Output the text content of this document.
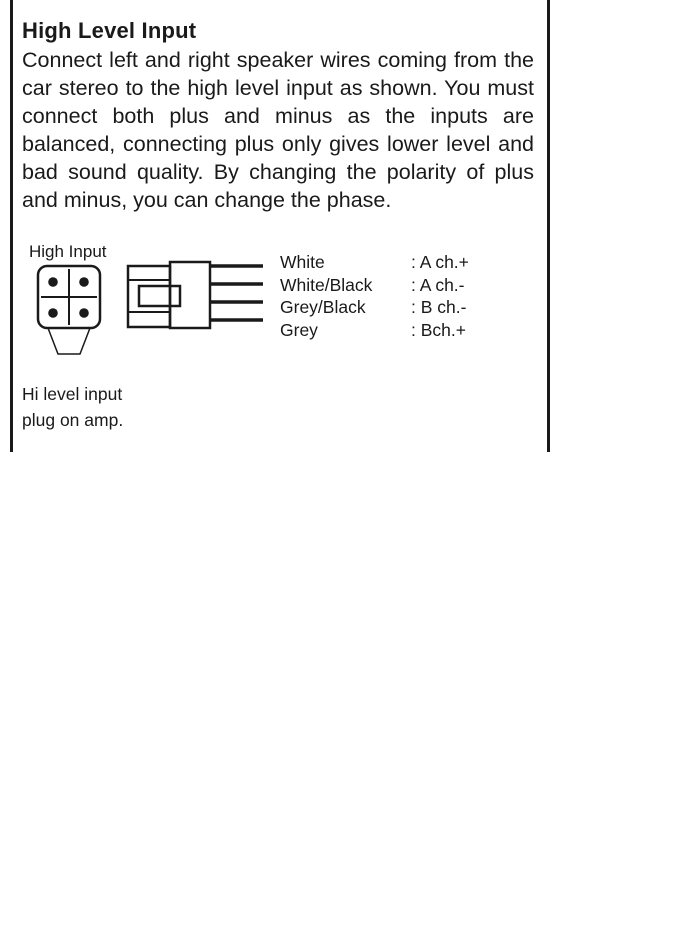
High Level Input

Connect left and right speaker wires coming from the car stereo to the high level input as shown. You must connect both plus and minus as the inputs are balanced, connecting plus only gives lower level and bad sound quality. By changing the polarity of plus and minus, you can change the phase.

High Input

White	: A ch.+
White/Black	: A ch.-
Grey/Black	: B ch.-
Grey	: Bch.+

Hi level input
plug on amp.
